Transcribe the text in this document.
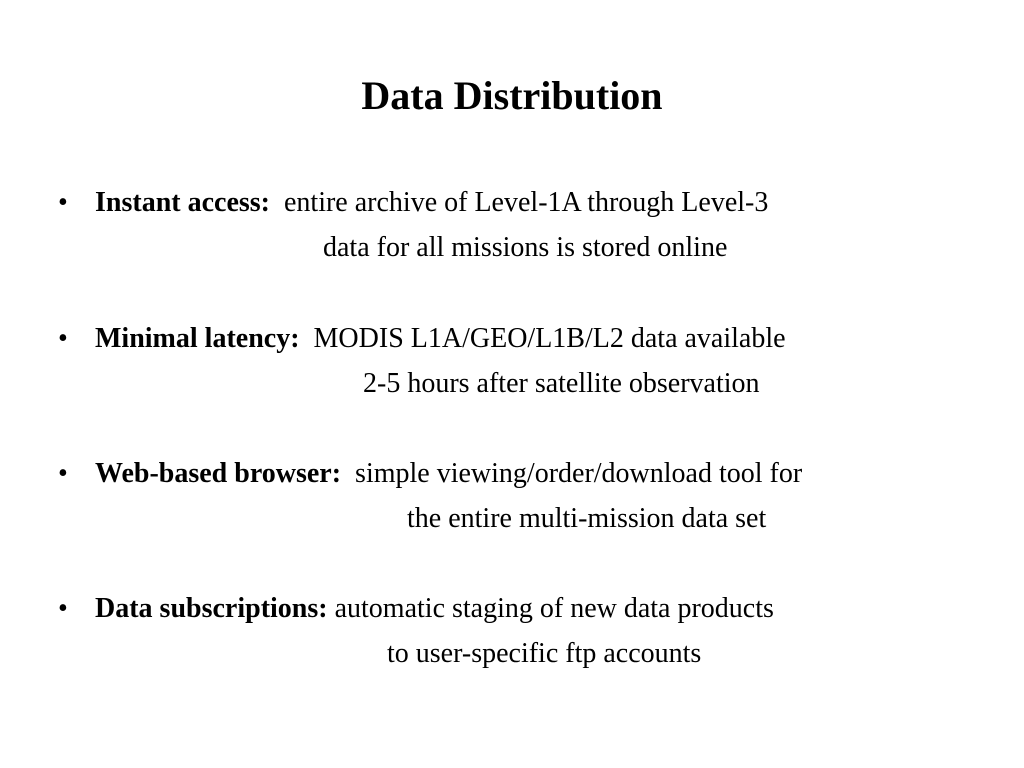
Data Distribution
• Instant access: entire archive of Level-1A through Level-3
data for all missions is stored online
• Minimal latency: MODIS L1A/GEO/L1B/L2 data available
2-5 hours after satellite observation
• Web-based browser: simple viewing/order/download tool for
the entire multi-mission data set
• Data subscriptions: automatic staging of new data products
to user-specific ftp accounts
